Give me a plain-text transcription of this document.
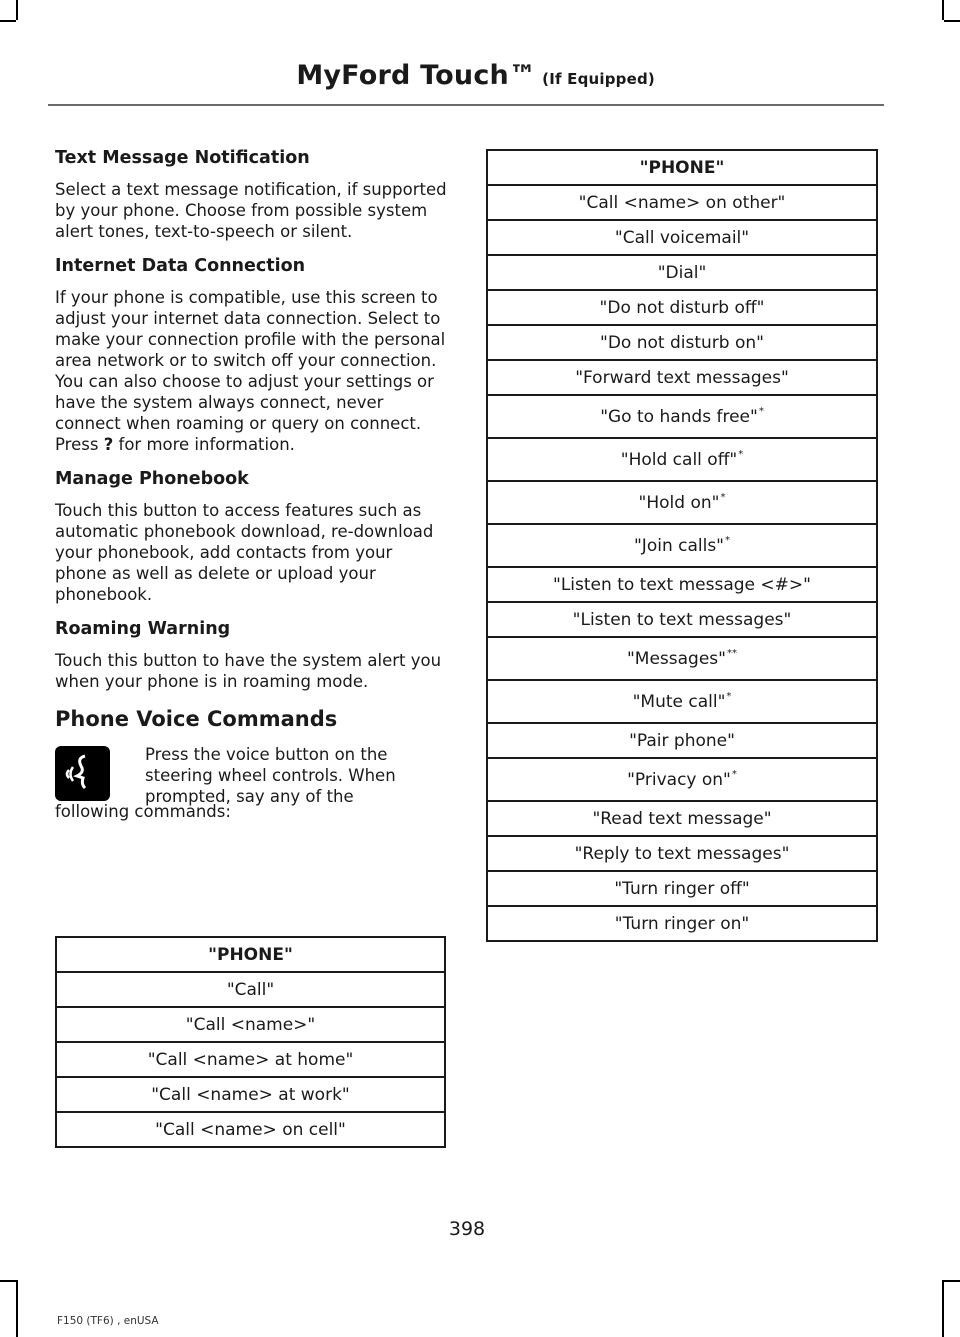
MyFord Touch™ (If Equipped)
Text Message Notification
Select a text message notification, if supported by your phone. Choose from possible system alert tones, text-to-speech or silent.
Internet Data Connection
If your phone is compatible, use this screen to adjust your internet data connection. Select to make your connection profile with the personal area network or to switch off your connection. You can also choose to adjust your settings or have the system always connect, never connect when roaming or query on connect. Press ? for more information.
Manage Phonebook
Touch this button to access features such as automatic phonebook download, re-download your phonebook, add contacts from your phone as well as delete or upload your phonebook.
Roaming Warning
Touch this button to have the system alert you when your phone is in roaming mode.
Phone Voice Commands
Press the voice button on the steering wheel controls. When prompted, say any of the
following commands:
"PHONE"
"Call"
"Call <name>"
"Call <name> at home"
"Call <name> at work"
"Call <name> on cell"
"PHONE"
"Call <name> on other"
"Call voicemail"
"Dial"
"Do not disturb off"
"Do not disturb on"
"Forward text messages"
"Go to hands free"*
"Hold call off"*
"Hold on"*
"Join calls"*
"Listen to text message <#>"
"Listen to text messages"
"Messages"**
"Mute call"*
"Pair phone"
"Privacy on"*
"Read text message"
"Reply to text messages"
"Turn ringer off"
"Turn ringer on"
398
F150 (TF6) , enUSA
